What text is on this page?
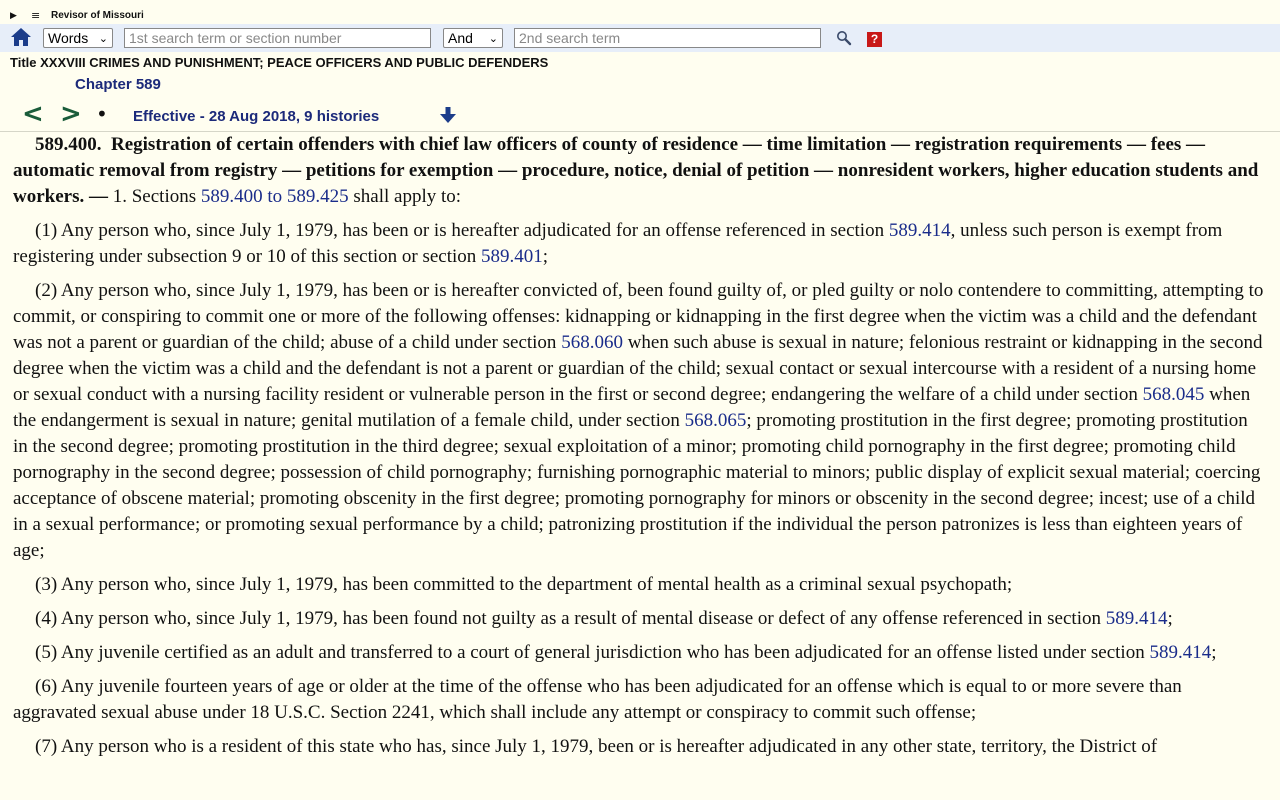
▶ ≡ Revisor of Missouri
Words ⌄
1st search term or section number	And ⌄
2nd search term	?
Title XXXVIII CRIMES AND PUNISHMENT; PEACE OFFICERS AND PUBLIC DEFENDERS
Chapter 589
< > • Effective - 28 Aug 2018, 9 histories

589.400. Registration of certain offenders with chief law officers of county of residence — time limitation — registration requirements — fees — automatic removal from registry — petitions for exemption — procedure, notice, denial of petition — nonresident workers, higher education students and workers. — 1. Sections 589.400 to 589.425 shall apply to:

(1) Any person who, since July 1, 1979, has been or is hereafter adjudicated for an offense referenced in section 589.414, unless such person is exempt from registering under subsection 9 or 10 of this section or section 589.401;

(2) Any person who, since July 1, 1979, has been or is hereafter convicted of, been found guilty of, or pled guilty or nolo contendere to committing, attempting to commit, or conspiring to commit one or more of the following offenses: kidnapping or kidnapping in the first degree when the victim was a child and the defendant was not a parent or guardian of the child; abuse of a child under section 568.060 when such abuse is sexual in nature; felonious restraint or kidnapping in the second degree when the victim was a child and the defendant is not a parent or guardian of the child; sexual contact or sexual intercourse with a resident of a nursing home or sexual conduct with a nursing facility resident or vulnerable person in the first or second degree; endangering the welfare of a child under section 568.045 when the endangerment is sexual in nature; genital mutilation of a female child, under section 568.065; promoting prostitution in the first degree; promoting prostitution in the second degree; promoting prostitution in the third degree; sexual exploitation of a minor; promoting child pornography in the first degree; promoting child pornography in the second degree; possession of child pornography; furnishing pornographic material to minors; public display of explicit sexual material; coercing acceptance of obscene material; promoting obscenity in the first degree; promoting pornography for minors or obscenity in the second degree; incest; use of a child in a sexual performance; or promoting sexual performance by a child; patronizing prostitution if the individual the person patronizes is less than eighteen years of age;

(3) Any person who, since July 1, 1979, has been committed to the department of mental health as a criminal sexual psychopath;

(4) Any person who, since July 1, 1979, has been found not guilty as a result of mental disease or defect of any offense referenced in section 589.414;

(5) Any juvenile certified as an adult and transferred to a court of general jurisdiction who has been adjudicated for an offense listed under section 589.414;

(6) Any juvenile fourteen years of age or older at the time of the offense who has been adjudicated for an offense which is equal to or more severe than aggravated sexual abuse under 18 U.S.C. Section 2241, which shall include any attempt or conspiracy to commit such offense;

(7) Any person who is a resident of this state who has, since July 1, 1979, been or is hereafter adjudicated in any other state, territory, the District of
